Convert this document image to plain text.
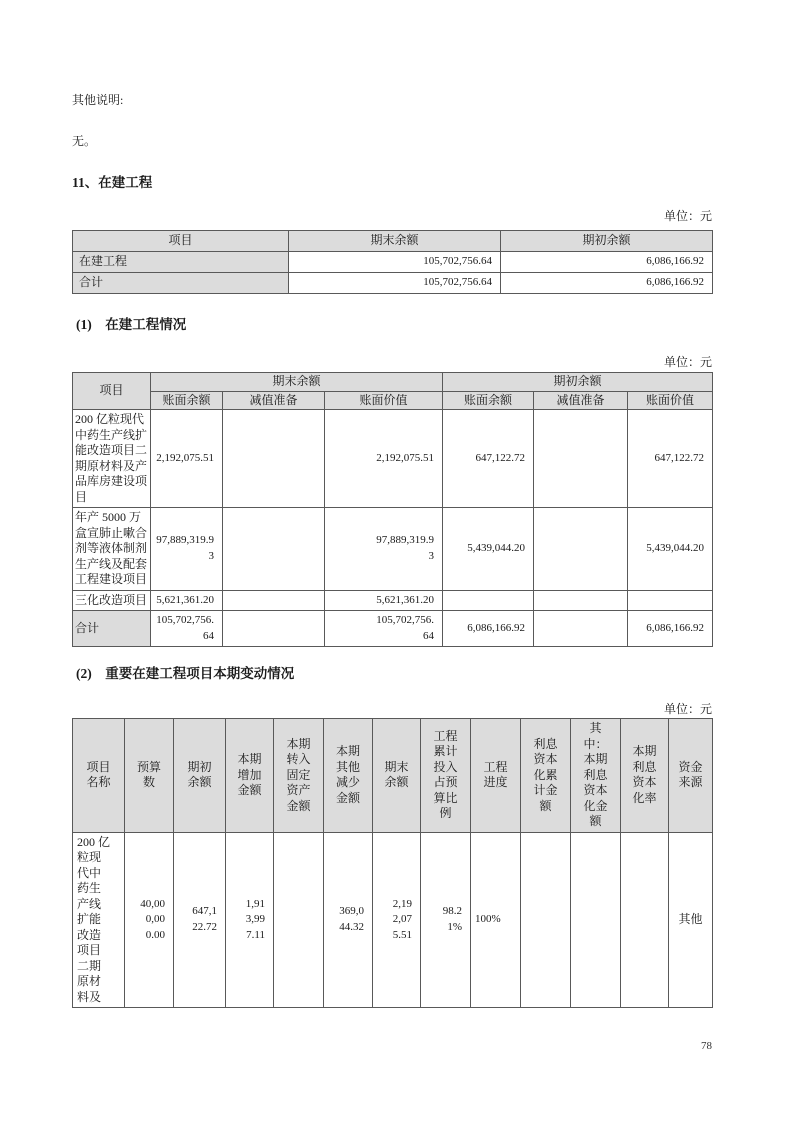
其他说明:
无。
11、在建工程
单位：元
项目	期末余额	期初余额
在建工程	105,702,756.64	6,086,166.92
合计	105,702,756.64	6,086,166.92
(1)　在建工程情况
单位：元
项目	期末余额			期初余额		
	账面余额	减值准备	账面价值	账面余额	减值准备	账面价值
200 亿粒现代中药生产线扩能改造项目二期原材料及产品库房建设项目	2,192,075.51		2,192,075.51	647,122.72		647,122.72
年产 5000 万盒宣肺止嗽合剂等液体制剂生产线及配套工程建设项目	97,889,319.93		97,889,319.93	5,439,044.20		5,439,044.20
三化改造项目	5,621,361.20		5,621,361.20			
合计	105,702,756.64		105,702,756.64	6,086,166.92		6,086,166.92
(2)　重要在建工程项目本期变动情况
单位：元
项目名称	预算数	期初余额	本期增加金额	本期转入固定资产金额	本期其他减少金额	期末余额	工程累计投入占预算比例	工程进度	利息资本化累计金额	其中：本期利息资本化金额	本期利息资本化率	资金来源
200 亿粒现代中药生产线扩能改造项目二期原材料及	40,000,000.00	647,122.72	1,913,997.11		369,044.32	2,192,075.51	98.21%	100%				其他
78
